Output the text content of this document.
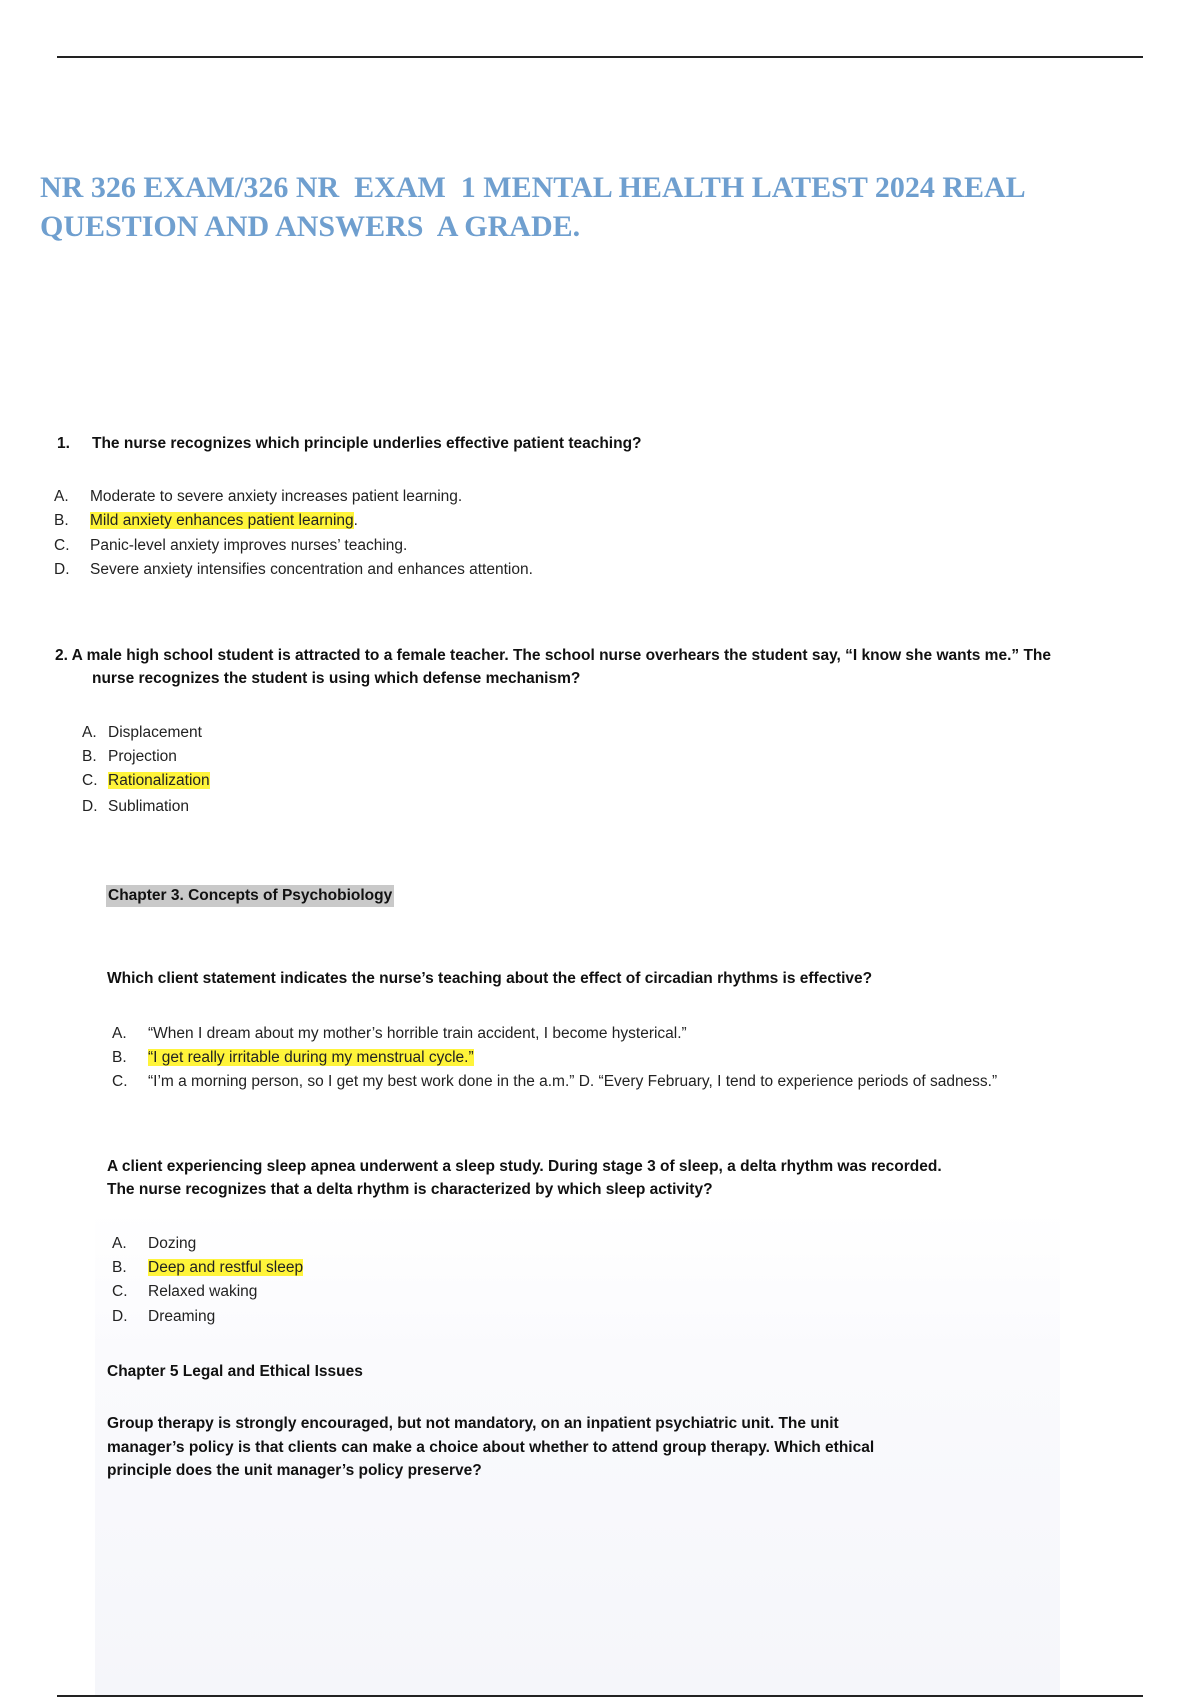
NR 326 EXAM/326 NR  EXAM  1 MENTAL HEALTH LATEST 2024 REAL
QUESTION AND ANSWERS  A GRADE.
1. The nurse recognizes which principle underlies effective patient teaching?
A. Moderate to severe anxiety increases patient learning.
B. Mild anxiety enhances patient learning.
C. Panic-level anxiety improves nurses’ teaching.
D. Severe anxiety intensifies concentration and enhances attention.
2. A male high school student is attracted to a female teacher. The school nurse overhears the student say, “I know she wants me.” The
nurse recognizes the student is using which defense mechanism?
A. Displacement
B. Projection
C. Rationalization
D. Sublimation
Chapter 3. Concepts of Psychobiology
Which client statement indicates the nurse’s teaching about the effect of circadian rhythms is effective?
A. “When I dream about my mother’s horrible train accident, I become hysterical.”
B. “I get really irritable during my menstrual cycle.”
C. “I’m a morning person, so I get my best work done in the a.m.” D. “Every February, I tend to experience periods of sadness.”
A client experiencing sleep apnea underwent a sleep study. During stage 3 of sleep, a delta rhythm was recorded.
The nurse recognizes that a delta rhythm is characterized by which sleep activity?
A. Dozing
B. Deep and restful sleep
C. Relaxed waking
D. Dreaming
Chapter 5 Legal and Ethical Issues
Group therapy is strongly encouraged, but not mandatory, on an inpatient psychiatric unit. The unit
manager’s policy is that clients can make a choice about whether to attend group therapy. Which ethical
principle does the unit manager’s policy preserve?
